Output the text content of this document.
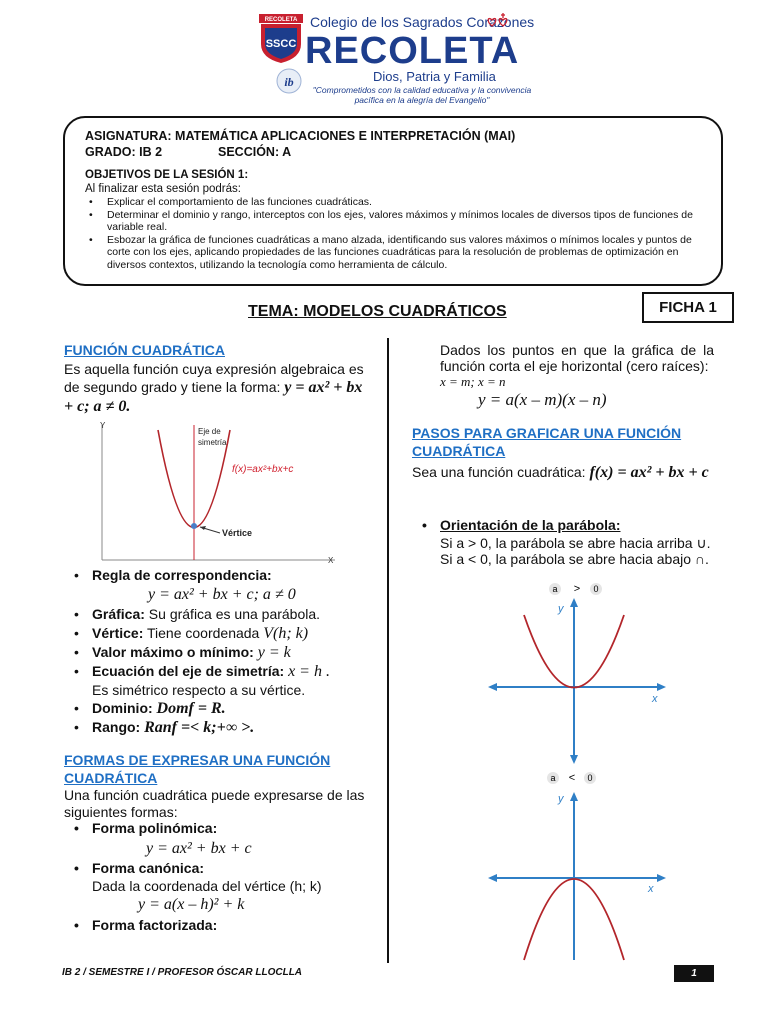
RECOLETA
SSCC
Colegio de los Sagrados Corazones
RECOLETA
ib	Dios, Patria y Familia
"Comprometidos con la calidad educativa y la convivencia pacífica en la alegría del Evangelio"
ASIGNATURA: MATEMÁTICA APLICACIONES E INTERPRETACIÓN (MAI)
GRADO: IB 2	SECCIÓN: A
OBJETIVOS DE LA SESIÓN 1:
Al finalizar esta sesión podrás:
• Explicar el comportamiento de las funciones cuadráticas.
• Determinar el dominio y rango, interceptos con los ejes, valores máximos y mínimos locales de diversos tipos de funciones de variable real.
• Esbozar la gráfica de funciones cuadráticas a mano alzada, identificando sus valores máximos o mínimos locales y puntos de corte con los ejes, aplicando propiedades de las funciones cuadráticas para la resolución de problemas de optimización en diversos contextos, utilizando la tecnología como herramienta de cálculo.
TEMA: MODELOS CUADRÁTICOS	FICHA 1
FUNCIÓN CUADRÁTICA
Es aquella función cuya expresión algebraica es de segundo grado y tiene la forma: y = ax² + bx + c; a ≠ 0.
Y
X
Eje de
simetría
f(x)=ax²+bx+c
Vértice
• Regla de correspondencia:
y = ax² + bx + c; a ≠ 0
• Gráfica: Su gráfica es una parábola.
• Vértice: Tiene coordenada V(h; k)
• Valor máximo o mínimo: y = k
• Ecuación del eje de simetría: x = h .
Es simétrico respecto a su vértice.
• Dominio: Domf = R.
• Rango: Ranf =< k;+∞ >.
FORMAS DE EXPRESAR UNA FUNCIÓN CUADRÁTICA
Una función cuadrática puede expresarse de las siguientes formas:
• Forma polinómica:
y = ax² + bx + c
• Forma canónica:
Dada la coordenada del vértice (h; k)
y = a(x – h)² + k
• Forma factorizada:
Dados los puntos en que la gráfica de la función corta el eje horizontal (cero raíces):
x = m; x = n
y = a(x – m)(x – n)
PASOS PARA GRAFICAR UNA FUNCIÓN CUADRÁTICA
Sea una función cuadrática: f(x) = ax² + bx + c
• Orientación de la parábola:
Si a > 0, la parábola se abre hacia arriba ∪.
Si a < 0, la parábola se abre hacia abajo ∩.
a > 0
y
x
a < 0
y
x
IB 2 / SEMESTRE I / PROFESOR ÓSCAR LLOCLLA	1
